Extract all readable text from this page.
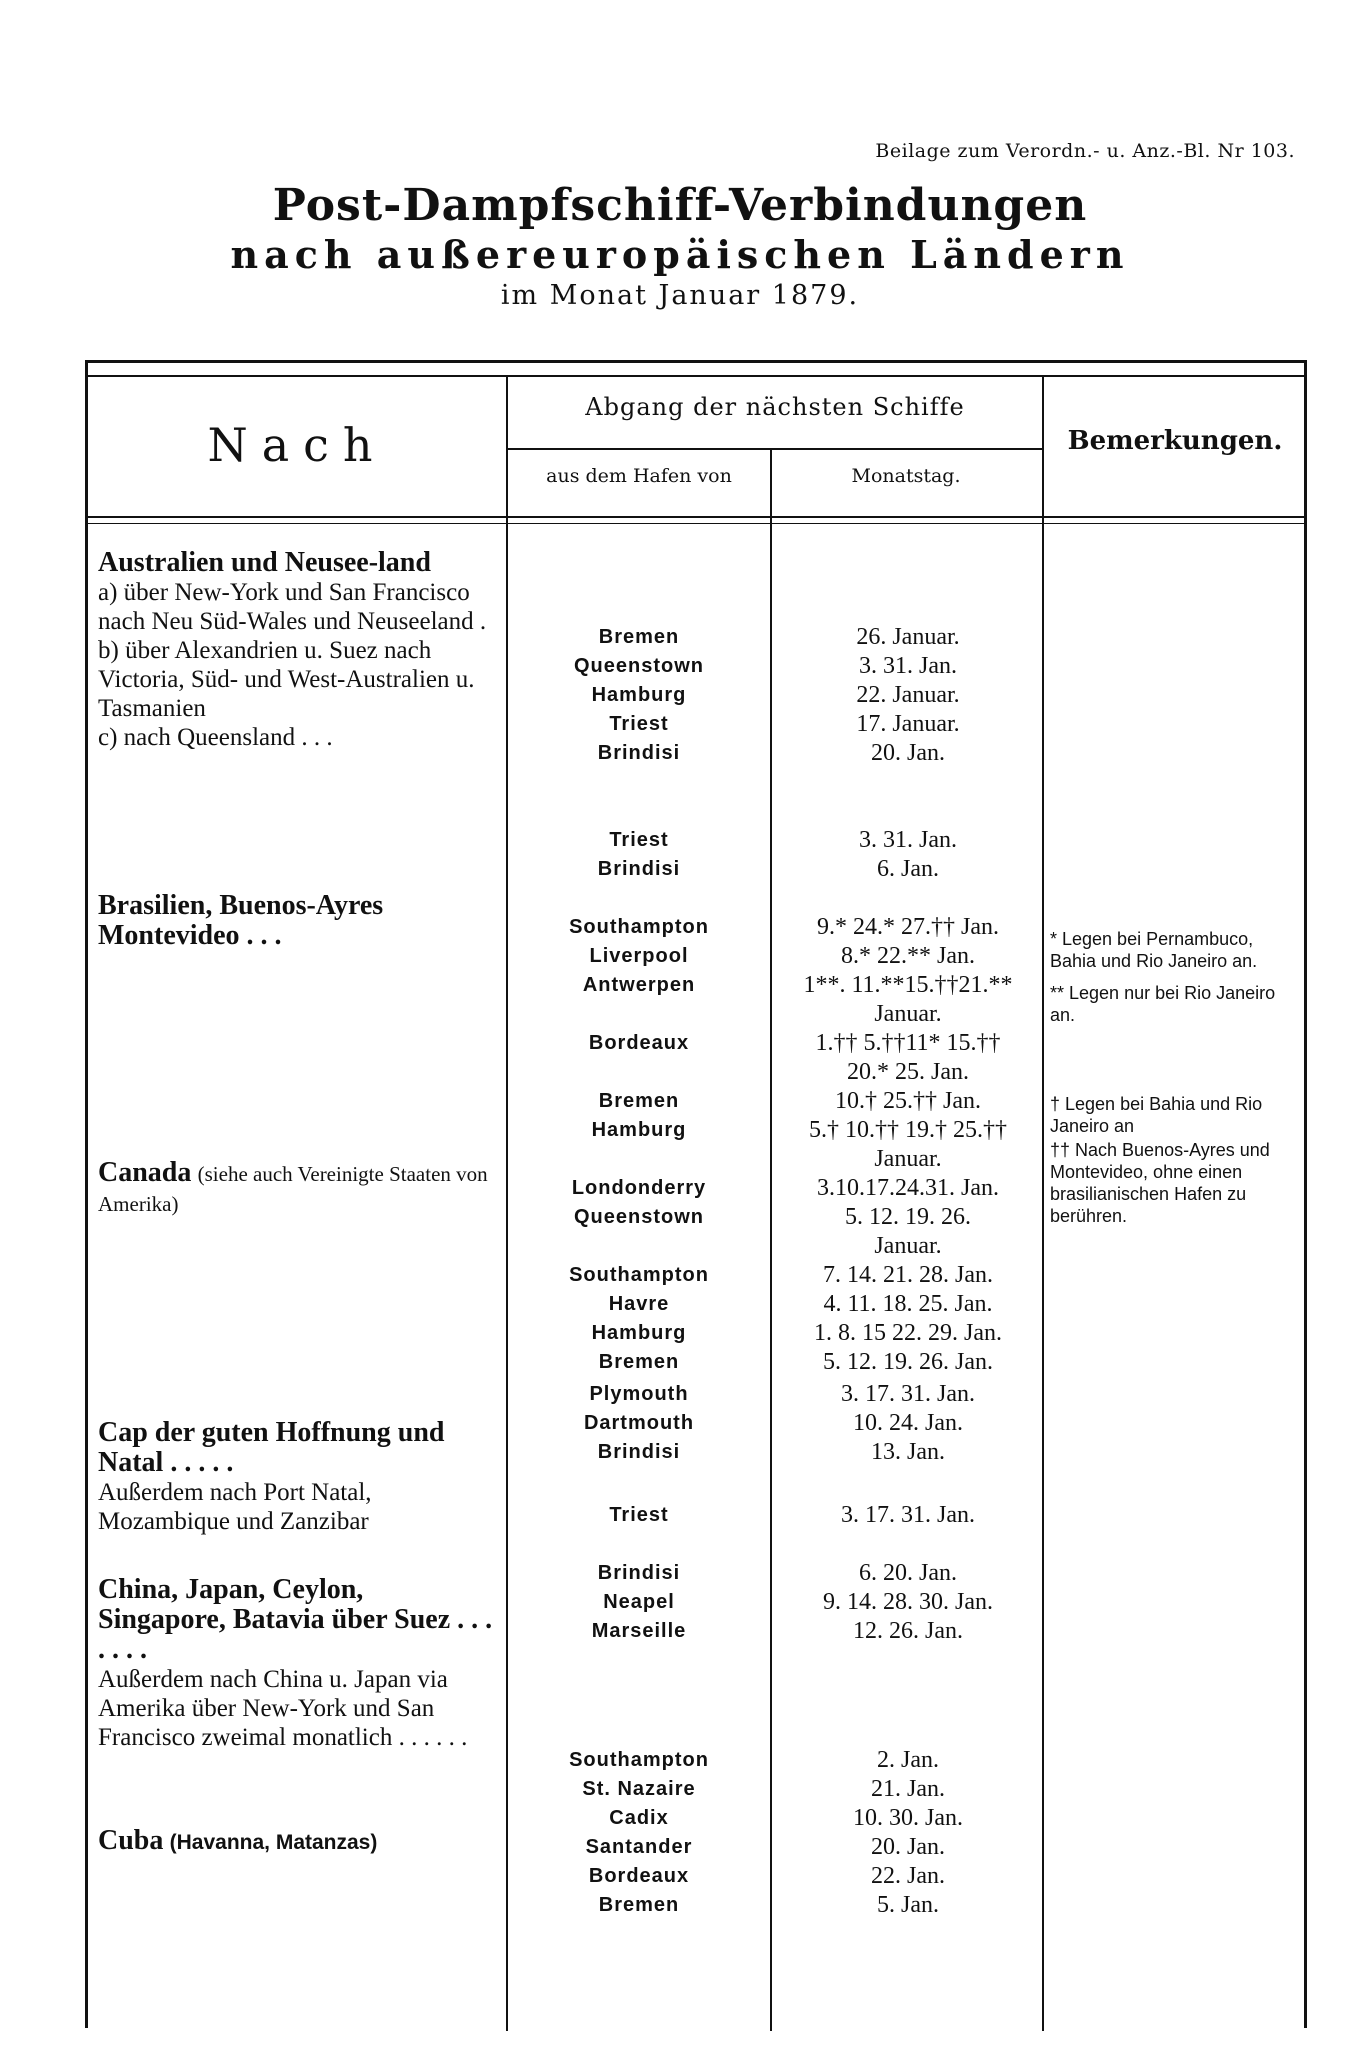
Beilage zum Verordn.- u. Anz.-Bl. Nr 103.
Post-Dampfschiff-Verbindungen
nach außereuropäischen Ländern
im Monat Januar 1879.
Nach
Abgang der nächsten Schiffe
aus dem Hafen von	Monatstag.
Bemerkungen.
Australien und Neusee-land
a) über New-York und San Francisco nach Neu Süd-Wales und Neuseeland .
b) über Alexandrien u. Suez nach Victoria, Süd- und West-Australien u. Tasmanien
c) nach Queensland . . .
Brasilien, Buenos-Ayres Montevideo . . .
Canada (siehe auch Vereinigte Staaten von Amerika)
Cap der guten Hoffnung und Natal . . . . .
Außerdem nach Port Natal, Mozambique und Zanzibar
China, Japan, Ceylon, Singapore, Batavia über Suez . . . . . . .
Außerdem nach China u. Japan via Amerika über New-York und San Francisco zweimal monatlich . . . . . .
Cuba (Havanna, Matanzas)
Bremen
Queenstown
Hamburg
Triest
Brindisi
Triest
Brindisi
Southampton
Liverpool
Antwerpen
Bordeaux
Bremen
Hamburg
Londonderry
Queenstown
Southampton
Havre
Hamburg
Bremen
Plymouth
Dartmouth
Brindisi
Triest
Brindisi
Neapel
Marseille
Southampton
St. Nazaire
Cadix
Santander
Bordeaux
Bremen
26. Januar.
3. 31. Jan.
22. Januar.
17. Januar.
20. Jan.
3. 31. Jan.
6. Jan.
9.* 24.* 27.†† Jan.
8.* 22.** Jan.
1**. 11.**15.††21.**
Januar.
1.†† 5.††11* 15.††
20.* 25. Jan.
10.† 25.†† Jan.
5.† 10.†† 19.† 25.††
Januar.
3.10.17.24.31. Jan.
5. 12. 19. 26.
Januar.
7. 14. 21. 28. Jan.
4. 11. 18. 25. Jan.
1. 8. 15 22. 29. Jan.
5. 12. 19. 26. Jan.
3. 17. 31. Jan.
10. 24. Jan.
13. Jan.
3. 17. 31. Jan.
6. 20. Jan.
9. 14. 28. 30. Jan.
12. 26. Jan.
2. Jan.
21. Jan.
10. 30. Jan.
20. Jan.
22. Jan.
5. Jan.

* Legen bei Pernambuco, Bahia und Rio Janeiro an.

** Legen nur bei Rio Janeiro an.

† Legen bei Bahia und Rio Janeiro an

†† Nach Buenos-Ayres und Montevideo, ohne einen brasilianischen Hafen zu berühren.
